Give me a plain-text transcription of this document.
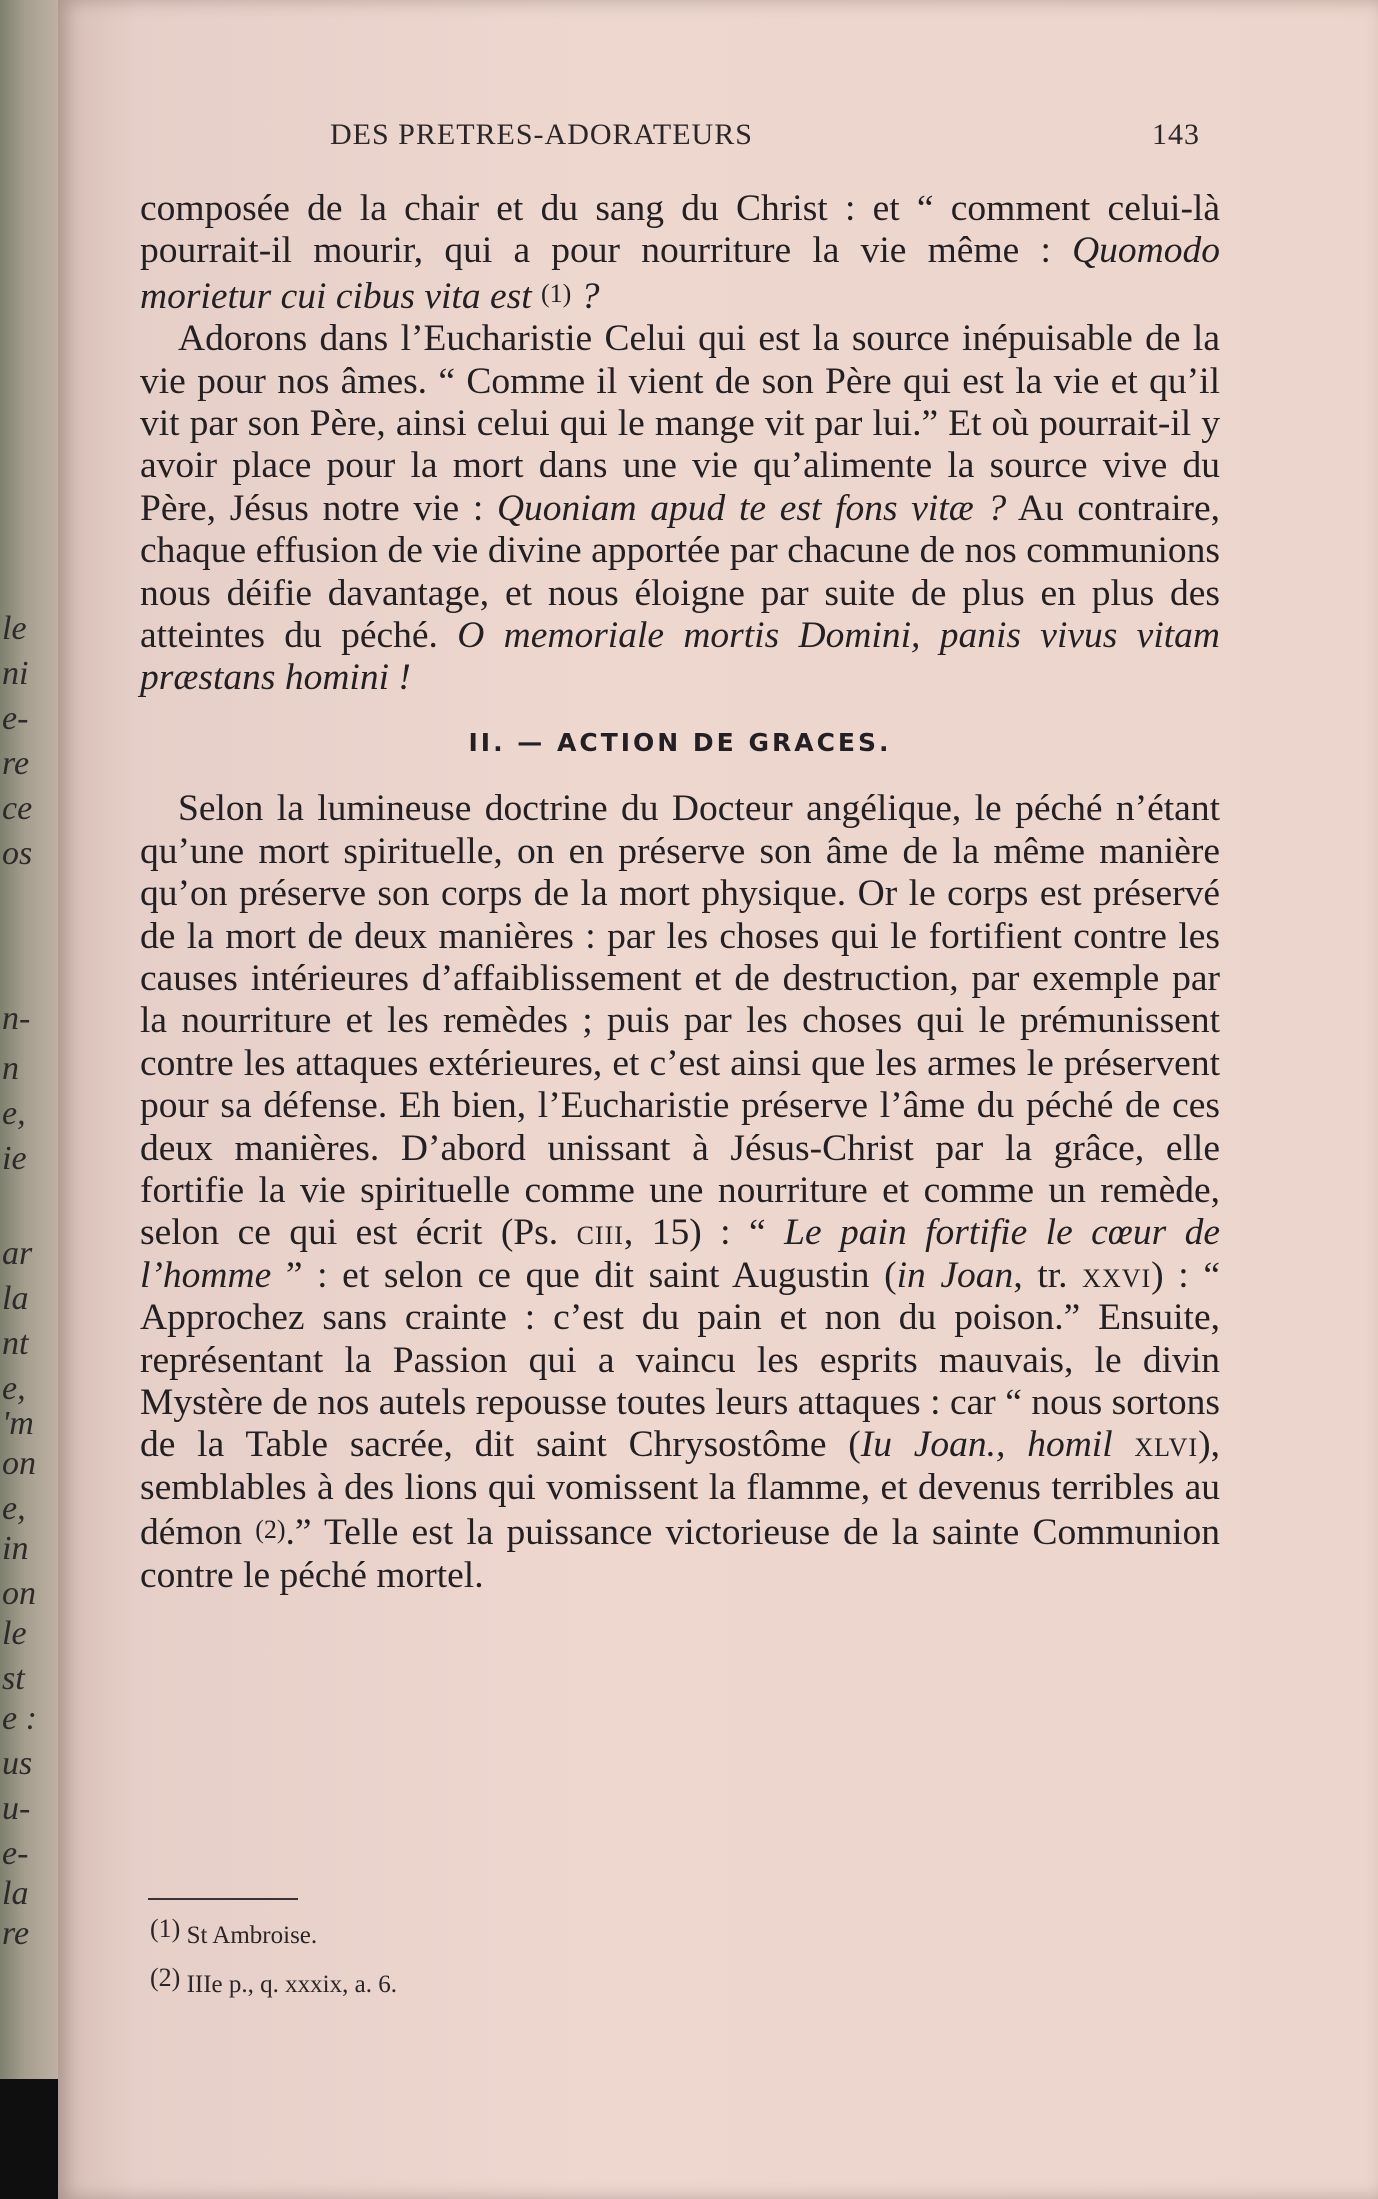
le
ni
e-
re
ce
os
n-
n
e,
ie
ar
la
nt
e,
'm
on
e,
in
on
le
st
e :
us
u-
e-
la
re
DES PRETRES-ADORATEURS	143

composée de la chair et du sang du Christ : et “ comment celui-là pourrait-il mourir, qui a pour nourriture la vie même : Quomodo morietur cui cibus vita est $^{(1)}$ ?

Adorons dans l’Eucharistie Celui qui est la source inépuisable de la vie pour nos âmes. “ Comme il vient de son Père qui est la vie et qu’il vit par son Père, ainsi celui qui le mange vit par lui.” Et où pourrait-il y avoir place pour la mort dans une vie qu’alimente la source vive du Père, Jésus notre vie : Quoniam apud te est fons vitæ ? Au contraire, chaque effusion de vie divine apportée par chacune de nos communions nous déifie davantage, et nous éloigne par suite de plus en plus des atteintes du péché. O memoriale mortis Domini, panis vivus vitam præstans homini !

II. — ACTION DE GRACES.

Selon la lumineuse doctrine du Docteur angélique, le péché n’étant qu’une mort spirituelle, on en préserve son âme de la même manière qu’on préserve son corps de la mort physique. Or le corps est préservé de la mort de deux manières : par les choses qui le fortifient contre les causes intérieures d’affaiblissement et de destruction, par exemple par la nourriture et les remèdes ; puis par les choses qui le prémunissent contre les attaques extérieures, et c’est ainsi que les armes le préservent pour sa défense. Eh bien, l’Eucharistie préserve l’âme du péché de ces deux manières. D’abord unissant à Jésus-Christ par la grâce, elle fortifie la vie spirituelle comme une nourriture et comme un remède, selon ce qui est écrit (Ps. ciii, 15) : “ Le pain fortifie le cœur de l’homme ” : et selon ce que dit saint Augustin (in Joan, tr. xxvi) : “ Approchez sans crainte : c’est du pain et non du poison.” Ensuite, représentant la Passion qui a vaincu les esprits mauvais, le divin Mystère de nos autels repousse toutes leurs attaques : car “ nous sortons de la Table sacrée, dit saint Chrysostôme (Iu Joan., homil xlvi), semblables à des lions qui vomissent la flamme, et devenus terribles au démon $^{(2)}$.” Telle est la puissance victorieuse de la sainte Communion contre le péché mortel.

(1) St Ambroise.
(2) IIIe p., q. xxxix, a. 6.
